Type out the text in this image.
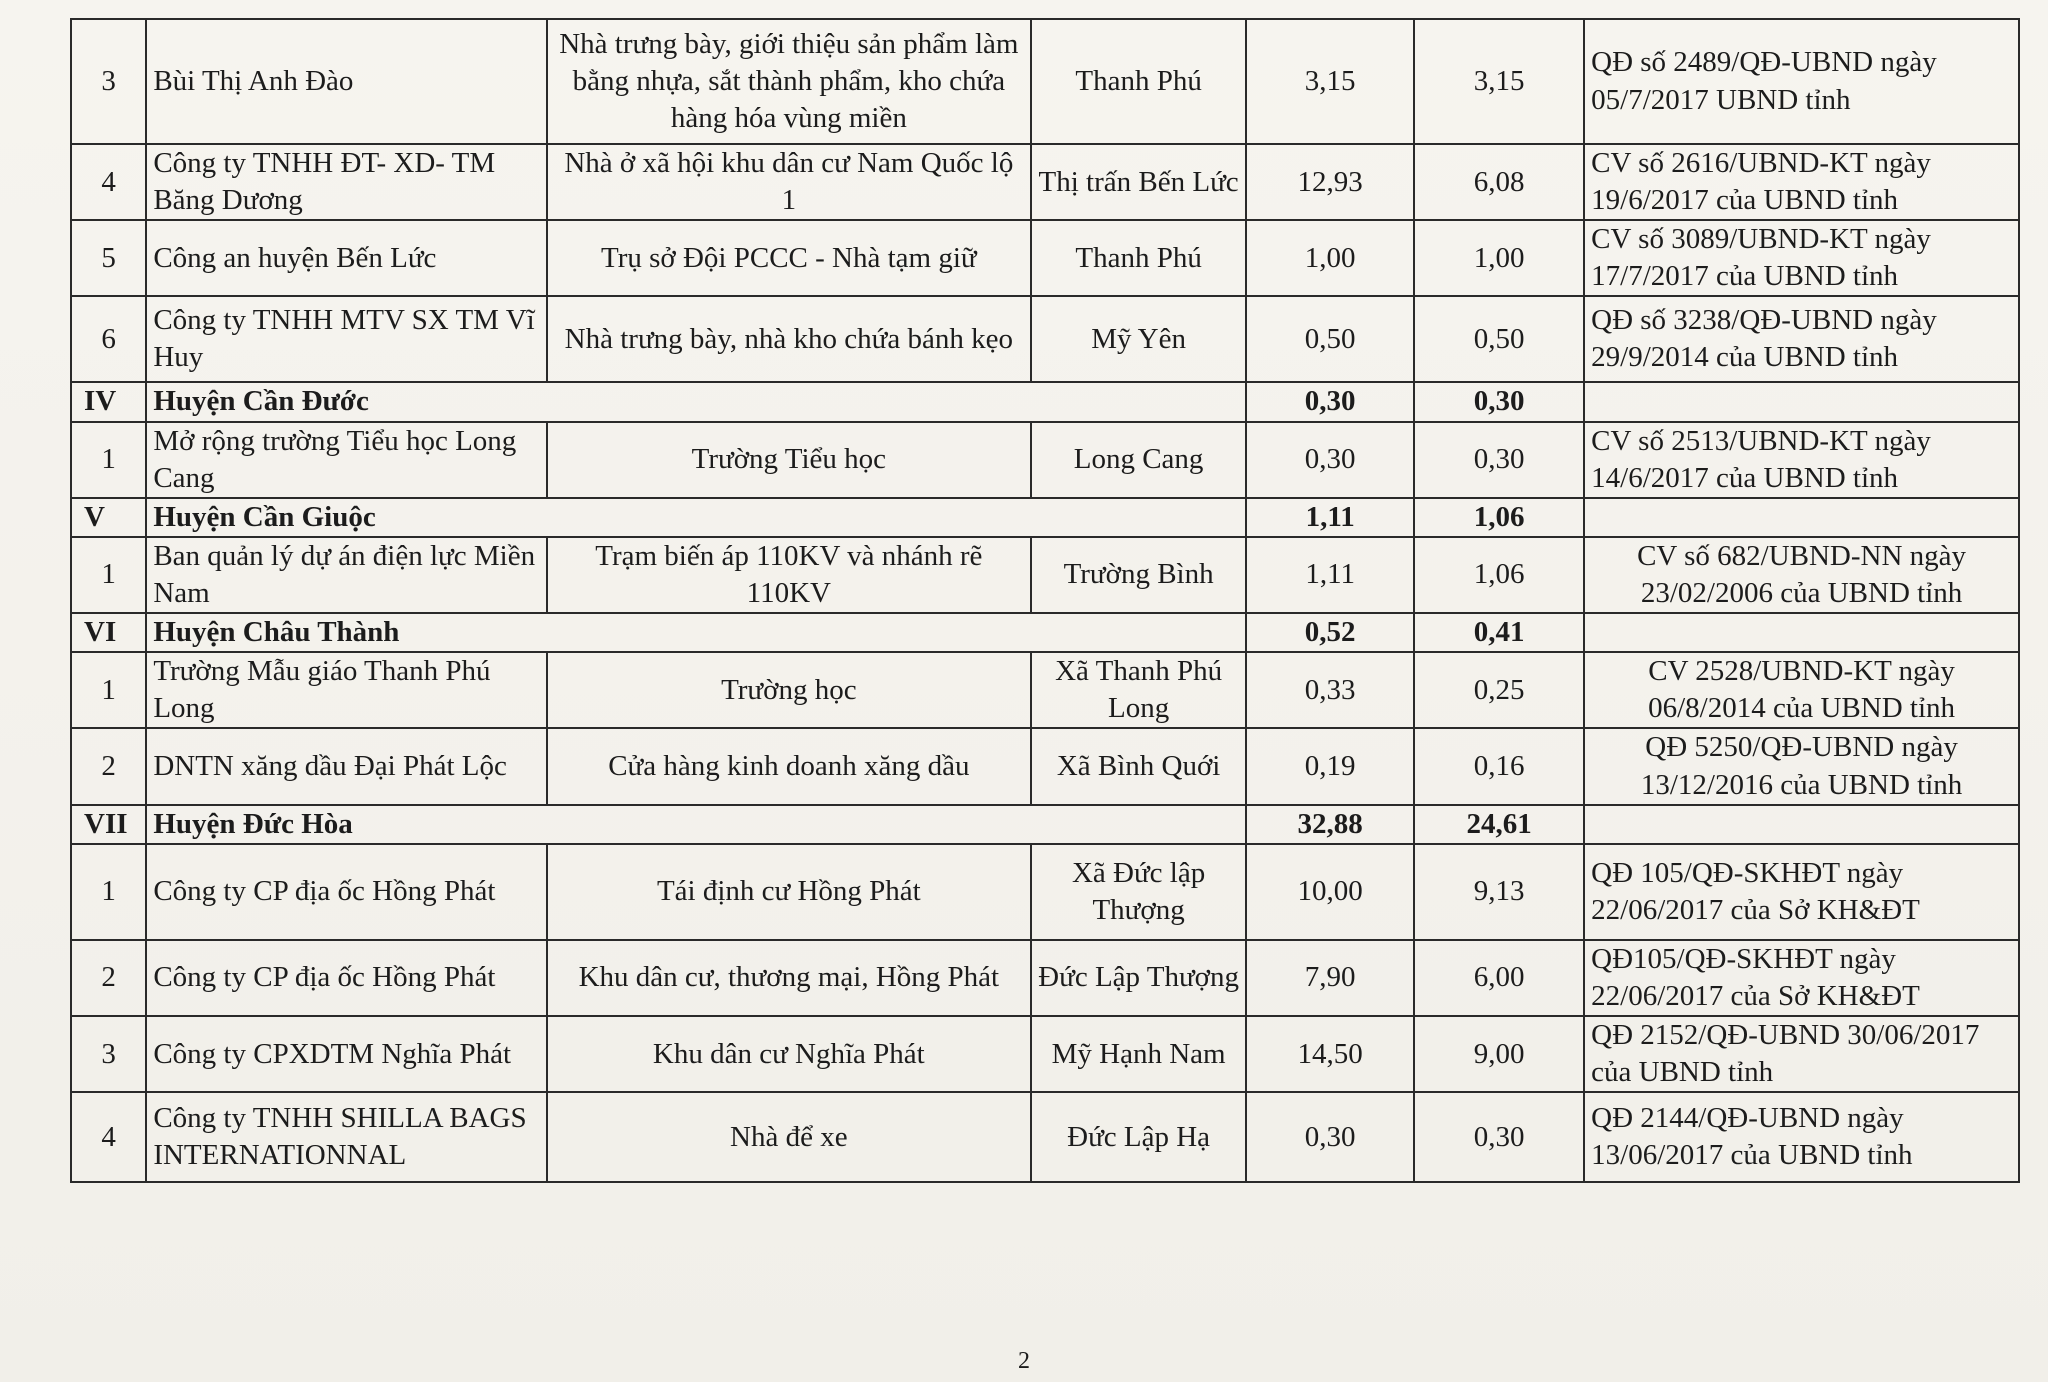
3	Bùi Thị Anh Đào	Nhà trưng bày, giới thiệu sản phẩm làm bằng nhựa, sắt thành phẩm, kho chứa hàng hóa vùng miền	Thanh Phú	3,15	3,15	QĐ số 2489/QĐ-UBND ngày 05/7/2017 UBND tỉnh
4	Công ty TNHH ĐT- XD- TM Băng Dương	Nhà ở xã hội khu dân cư Nam Quốc lộ 1	Thị trấn Bến Lức	12,93	6,08	CV số 2616/UBND-KT ngày 19/6/2017 của UBND tỉnh
5	Công an huyện Bến Lức	Trụ sở Đội PCCC - Nhà tạm giữ	Thanh Phú	1,00	1,00	CV số 3089/UBND-KT ngày 17/7/2017 của UBND tỉnh
6	Công ty TNHH MTV SX TM Vĩ Huy	Nhà trưng bày, nhà kho chứa bánh kẹo	Mỹ Yên	0,50	0,50	QĐ số 3238/QĐ-UBND ngày 29/9/2014 của UBND tỉnh
IV	Huyện Cần Đước			0,30	0,30	
1	Mở rộng trường Tiểu học Long Cang	Trường Tiểu học	Long Cang	0,30	0,30	CV số 2513/UBND-KT ngày 14/6/2017 của UBND tỉnh
V	Huyện Cần Giuộc			1,11	1,06	
1	Ban quản lý dự án điện lực Miền Nam	Trạm biến áp 110KV và nhánh rẽ 110KV	Trường Bình	1,11	1,06	CV số 682/UBND-NN ngày 23/02/2006 của UBND tỉnh
VI	Huyện Châu Thành			0,52	0,41	
1	Trường Mẫu giáo Thanh Phú Long	Trường học	Xã Thanh Phú Long	0,33	0,25	CV 2528/UBND-KT ngày 06/8/2014 của UBND tỉnh
2	DNTN xăng dầu Đại Phát Lộc	Cửa hàng kinh doanh xăng dầu	Xã Bình Quới	0,19	0,16	QĐ 5250/QĐ-UBND ngày 13/12/2016 của UBND tỉnh
VII	Huyện Đức Hòa			32,88	24,61	
1	Công ty CP địa ốc Hồng Phát	Tái định cư Hồng Phát	Xã Đức lập Thượng	10,00	9,13	QĐ 105/QĐ-SKHĐT ngày 22/06/2017 của Sở KH&ĐT
2	Công ty CP địa ốc Hồng Phát	Khu dân cư, thương mại, Hồng Phát	Đức Lập Thượng	7,90	6,00	QĐ105/QĐ-SKHĐT ngày 22/06/2017 của Sở KH&ĐT
3	Công ty CPXDTM Nghĩa Phát	Khu dân cư Nghĩa Phát	Mỹ Hạnh Nam	14,50	9,00	QĐ 2152/QĐ-UBND 30/06/2017 của UBND tỉnh
4	Công ty TNHH SHILLA BAGS INTERNATIONNAL	Nhà để xe	Đức Lập Hạ	0,30	0,30	QĐ 2144/QĐ-UBND ngày 13/06/2017 của UBND tỉnh
2
